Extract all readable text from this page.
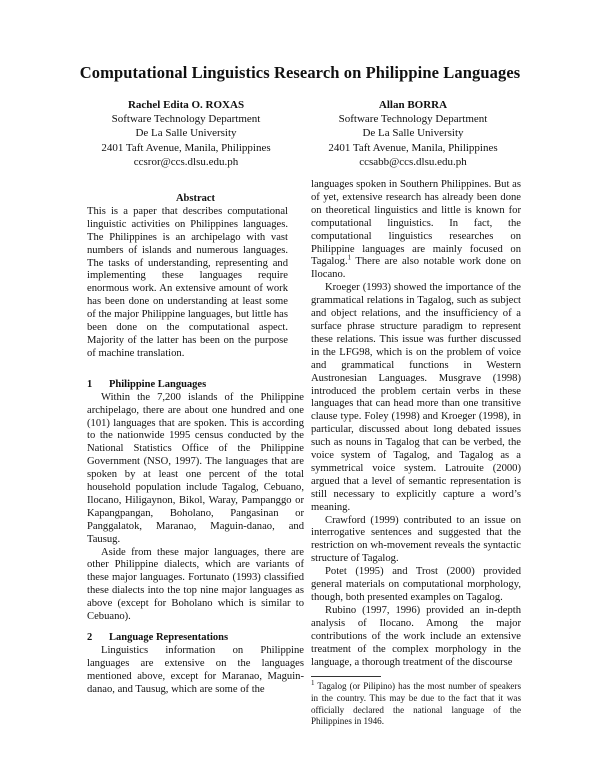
Computational Linguistics Research on Philippine Languages
Rachel Edita O. ROXAS
Software Technology Department
De La Salle University
2401 Taft Avenue, Manila, Philippines
ccsror@ccs.dlsu.edu.ph
Allan BORRA
Software Technology Department
De La Salle University
2401 Taft Avenue, Manila, Philippines
ccsabb@ccs.dlsu.edu.ph

Abstract

This is a paper that describes computational linguistic activities on Philippines languages. The Philippines is an archipelago with vast numbers of islands and numerous languages. The tasks of understanding, representing and implementing these languages require enormous work. An extensive amount of work has been done on understanding at least some of the major Philippine languages, but little has been done on the computational aspect. Majority of the latter has been on the purpose of machine translation.

1 Philippine Languages

Within the 7,200 islands of the Philippine archipelago, there are about one hundred and one (101) languages that are spoken. This is according to the nationwide 1995 census conducted by the National Statistics Office of the Philippine Government (NSO, 1997). The languages that are spoken by at least one percent of the total household population include Tagalog, Cebuano, Ilocano, Hiligaynon, Bikol, Waray, Pampanggo or Kapangpangan, Boholano, Pangasinan or Panggalatok, Maranao, Maguin-danao, and Tausug.

Aside from these major languages, there are other Philippine dialects, which are variants of these major languages. Fortunato (1993) classified these dialects into the top nine major languages as above (except for Boholano which is similar to Cebuano).

2 Language Representations

Linguistics information on Philippine languages are extensive on the languages mentioned above, except for Maranao, Maguin-danao, and Tausug, which are some of the

languages spoken in Southern Philippines. But as of yet, extensive research has already been done on theoretical linguistics and little is known for computational linguistics. In fact, the computational linguistics researches on Philippine languages are mainly focused on Tagalog.$^1$ There are also notable work done on Ilocano.

Kroeger (1993) showed the importance of the grammatical relations in Tagalog, such as subject and object relations, and the insufficiency of a surface phrase structure paradigm to represent these relations. This issue was further discussed in the LFG98, which is on the problem of voice and grammatical functions in Western Austronesian Languages. Musgrave (1998) introduced the problem certain verbs in these languages that can head more than one transitive clause type. Foley (1998) and Kroeger (1998), in particular, discussed about long debated issues such as nouns in Tagalog that can be verbed, the voice system of Tagalog, and Tagalog as a symmetrical voice system. Latrouite (2000) argued that a level of semantic representation is still necessary to explicitly capture a word’s meaning.

Crawford (1999) contributed to an issue on interrogative sentences and suggested that the restriction on wh-movement reveals the syntactic structure of Tagalog.

Potet (1995) and Trost (2000) provided general materials on computational morphology, though, both presented examples on Tagalog.

Rubino (1997, 1996) provided an in-depth analysis of Ilocano. Among the major contributions of the work include an extensive treatment of the complex morphology in the language, a thorough treatment of the discourse

$^1$ Tagalog (or Pilipino) has the most number of speakers in the country. This may be due to the fact that it was officially declared the national language of the Philippines in 1946.
